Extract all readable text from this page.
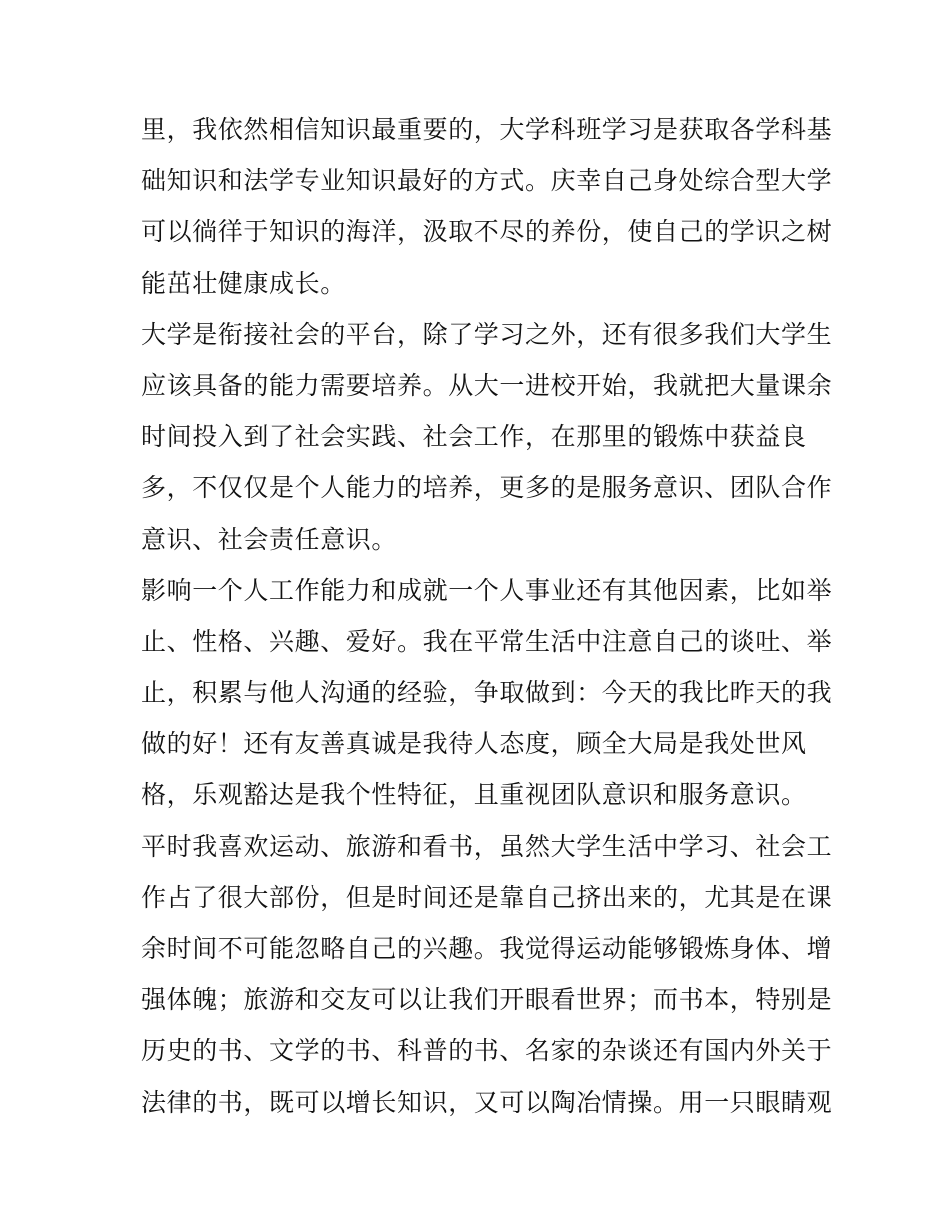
里，我依然相信知识最重要的，大学科班学习是获取各学科基
础知识和法学专业知识最好的方式。庆幸自己身处综合型大学
可以徜徉于知识的海洋，汲取不尽的养份，使自己的学识之树
能茁壮健康成长。
大学是衔接社会的平台，除了学习之外，还有很多我们大学生
应该具备的能力需要培养。从大一进校开始，我就把大量课余
时间投入到了社会实践、社会工作，在那里的锻炼中获益良
多，不仅仅是个人能力的培养，更多的是服务意识、团队合作
意识、社会责任意识。
影响一个人工作能力和成就一个人事业还有其他因素，比如举
止、性格、兴趣、爱好。我在平常生活中注意自己的谈吐、举
止，积累与他人沟通的经验，争取做到：今天的我比昨天的我
做的好！还有友善真诚是我待人态度，顾全大局是我处世风
格，乐观豁达是我个性特征，且重视团队意识和服务意识。
平时我喜欢运动、旅游和看书，虽然大学生活中学习、社会工
作占了很大部份，但是时间还是靠自己挤出来的，尤其是在课
余时间不可能忽略自己的兴趣。我觉得运动能够锻炼身体、增
强体魄；旅游和交友可以让我们开眼看世界；而书本，特别是
历史的书、文学的书、科普的书、名家的杂谈还有国内外关于
法律的书，既可以增长知识，又可以陶冶情操。用一只眼睛观
